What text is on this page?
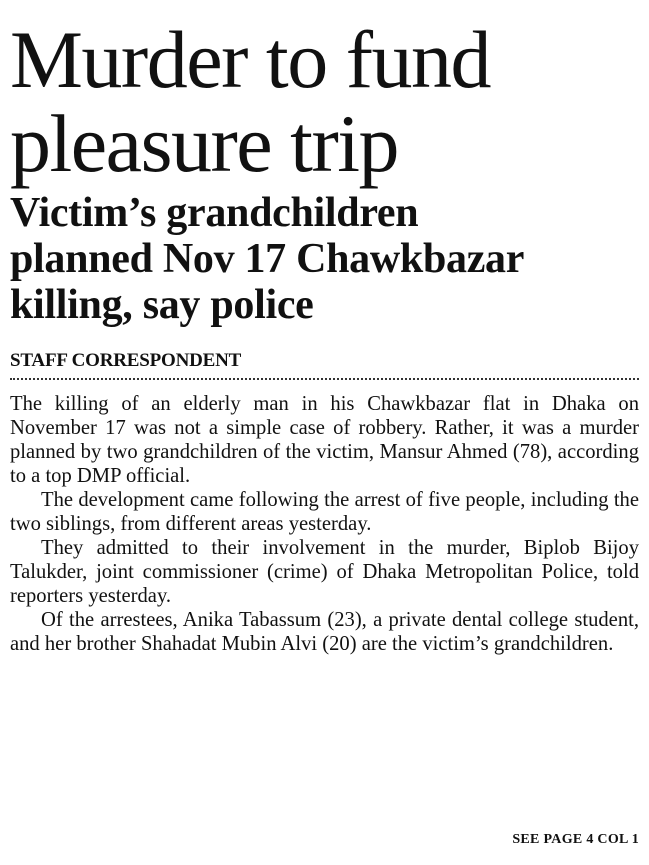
Murder to fund
pleasure trip
Victim’s grandchildren
planned Nov 17 Chawkbazar
killing, say police
STAFF CORRESPONDENT

The killing of an elderly man in his Chawkbazar flat in Dhaka on November 17 was not a simple case of robbery. Rather, it was a murder planned by two grandchildren of the victim, Mansur Ahmed (78), according to a top DMP official.

The development came following the arrest of five people, including the two siblings, from different areas yesterday.

They admitted to their involvement in the murder, Biplob Bijoy Talukder, joint commissioner (crime) of Dhaka Metropolitan Police, told reporters yesterday.

Of the arrestees, Anika Tabassum (23), a private dental college student, and her brother Shahadat Mubin Alvi (20) are the victim’s grandchildren.

SEE PAGE 4 COL 1
